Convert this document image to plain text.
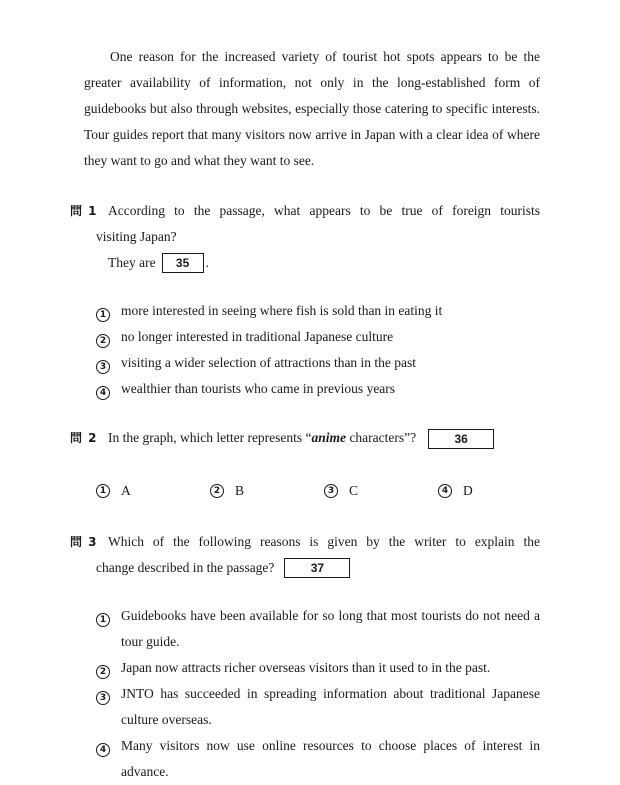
One reason for the increased variety of tourist hot spots appears to be the greater availability of information, not only in the long-established form of guidebooks but also through websites, especially those catering to specific interests. Tour guides report that many visitors now arrive in Japan with a clear idea of where they want to go and what they want to see.

問 1 According to the passage, what appears to be true of foreign tourists
visiting Japan?
They are	35	.
1 more interested in seeing where fish is sold than in eating it
2 no longer interested in traditional Japanese culture
3 visiting a wider selection of attractions than in the past
4 wealthier than tourists who came in previous years
問 2 In the graph, which letter represents “anime characters”?	36
1 A	2 B	3 C	4 D
問 3 Which of the following reasons is given by the writer to explain the
change described in the passage?	37
1 Guidebooks have been available for so long that most tourists do not need a tour guide.
2 Japan now attracts richer overseas visitors than it used to in the past.
3 JNTO has succeeded in spreading information about traditional Japanese culture overseas.
4 Many visitors now use online resources to choose places of interest in advance.
